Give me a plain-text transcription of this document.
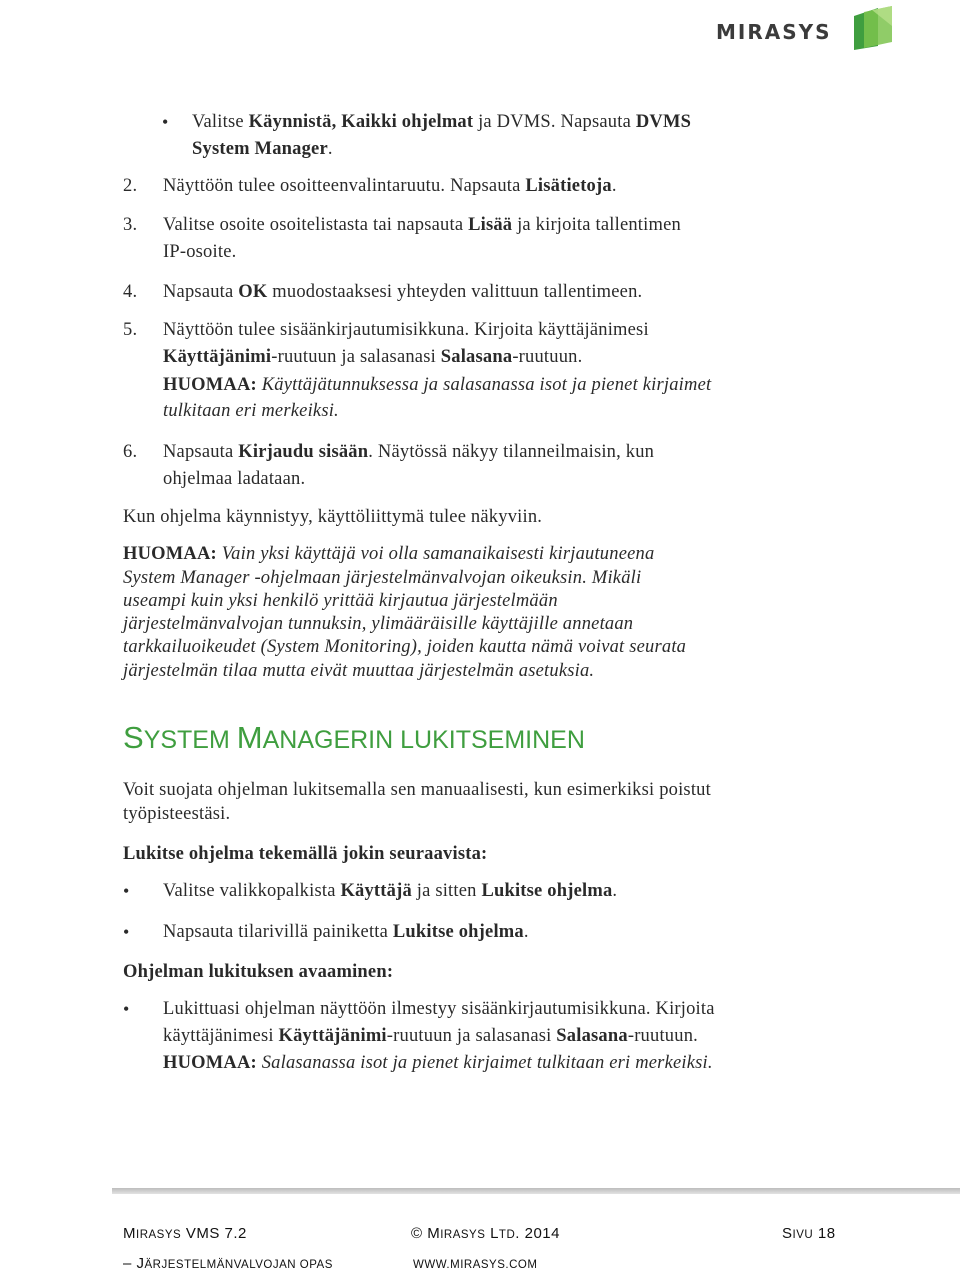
MIRASYS
• Valitse Käynnistä, Kaikki ohjelmat ja DVMS. Napsauta DVMS
System Manager.
2. Näyttöön tulee osoitteenvalintaruutu. Napsauta Lisätietoja.
3. Valitse osoite osoitelistasta tai napsauta Lisää ja kirjoita tallentimen
IP-osoite.
4. Napsauta OK muodostaaksesi yhteyden valittuun tallentimeen.
5. Näyttöön tulee sisäänkirjautumisikkuna. Kirjoita käyttäjänimesi
Käyttäjänimi-ruutuun ja salasanasi Salasana-ruutuun.
HUOMAA: Käyttäjätunnuksessa ja salasanassa isot ja pienet kirjaimet
tulkitaan eri merkeiksi.
6. Napsauta Kirjaudu sisään. Näytössä näkyy tilanneilmaisin, kun
ohjelmaa ladataan.
Kun ohjelma käynnistyy, käyttöliittymä tulee näkyviin.
HUOMAA: Vain yksi käyttäjä voi olla samanaikaisesti kirjautuneena
System Manager -ohjelmaan järjestelmänvalvojan oikeuksin. Mikäli
useampi kuin yksi henkilö yrittää kirjautua järjestelmään
järjestelmänvalvojan tunnuksin, ylimääräisille käyttäjille annetaan
tarkkailuoikeudet (System Monitoring), joiden kautta nämä voivat seurata
järjestelmän tilaa mutta eivät muuttaa järjestelmän asetuksia.
SYSTEM MANAGERIN LUKITSEMINEN
Voit suojata ohjelman lukitsemalla sen manuaalisesti, kun esimerkiksi poistut
työpisteestäsi.
Lukitse ohjelma tekemällä jokin seuraavista:
• Valitse valikkopalkista Käyttäjä ja sitten Lukitse ohjelma.
• Napsauta tilarivillä painiketta Lukitse ohjelma.
Ohjelman lukituksen avaaminen:
• Lukittuasi ohjelman näyttöön ilmestyy sisäänkirjautumisikkuna. Kirjoita
käyttäjänimesi Käyttäjänimi-ruutuun ja salasanasi Salasana-ruutuun.
HUOMAA: Salasanassa isot ja pienet kirjaimet tulkitaan eri merkeiksi.
MIRASYS VMS 7.2
– JÄRJESTELMÄNVALVOJAN OPAS
© MIRASYS LTD. 2014
WWW.MIRASYS.COM
SIVU 18
